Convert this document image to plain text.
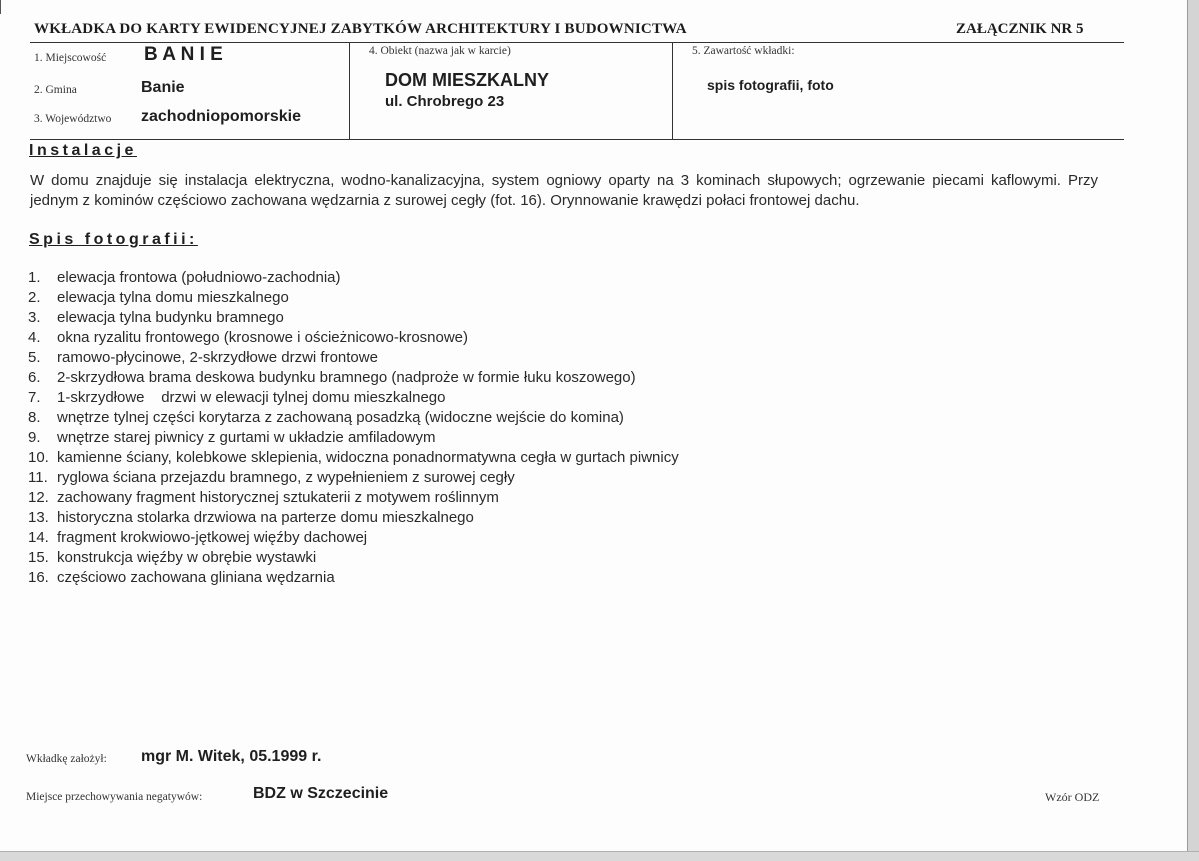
WKŁADKA DO KARTY EWIDENCYJNEJ ZABYTKÓW ARCHITEKTURY I BUDOWNICTWA	ZAŁĄCZNIK NR 5
1. Miejscowość B A N I E
2. Gmina	Banie
3. Województwo zachodniopomorskie
4. Obiekt (nazwa jak w karcie)
DOM MIESZKALNY
ul. Chrobrego 23
5. Zawartość wkładki:
spis fotografii, foto
Instalacje
W domu znajduje się instalacja elektryczna, wodno-kanalizacyjna, system ogniowy oparty na 3 kominach słupowych; ogrzewanie piecami kaflowymi. Przy jednym z kominów częściowo zachowana wędzarnia z surowej cegły (fot. 16). Orynnowanie krawędzi połaci frontowej dachu.
Spis fotografii:
1. elewacja frontowa (południowo-zachodnia)
2. elewacja tylna domu mieszkalnego
3. elewacja tylna budynku bramnego
4. okna ryzalitu frontowego (krosnowe i ościeżnicowo-krosnowe)
5. ramowo-płycinowe, 2-skrzydłowe drzwi frontowe
6. 2-skrzydłowa brama deskowa budynku bramnego (nadproże w formie łuku koszowego)
7. 1-skrzydłowe    drzwi w elewacji tylnej domu mieszkalnego
8. wnętrze tylnej części korytarza z zachowaną posadzką (widoczne wejście do komina)
9. wnętrze starej piwnicy z gurtami w układzie amfiladowym
10. kamienne ściany, kolebkowe sklepienia, widoczna ponadnormatywna cegła w gurtach piwnicy
11. ryglowa ściana przejazdu bramnego, z wypełnieniem z surowej cegły
12. zachowany fragment historycznej sztukaterii z motywem roślinnym
13. historyczna stolarka drzwiowa na parterze domu mieszkalnego
14. fragment krokwiowo-jętkowej więźby dachowej
15. konstrukcja więźby w obrębie wystawki
16. częściowo zachowana gliniana wędzarnia
Wkładkę założył: mgr M. Witek, 05.1999 r.
Miejsce przechowywania negatywów:	BDZ w Szczecinie	Wzór ODZ
